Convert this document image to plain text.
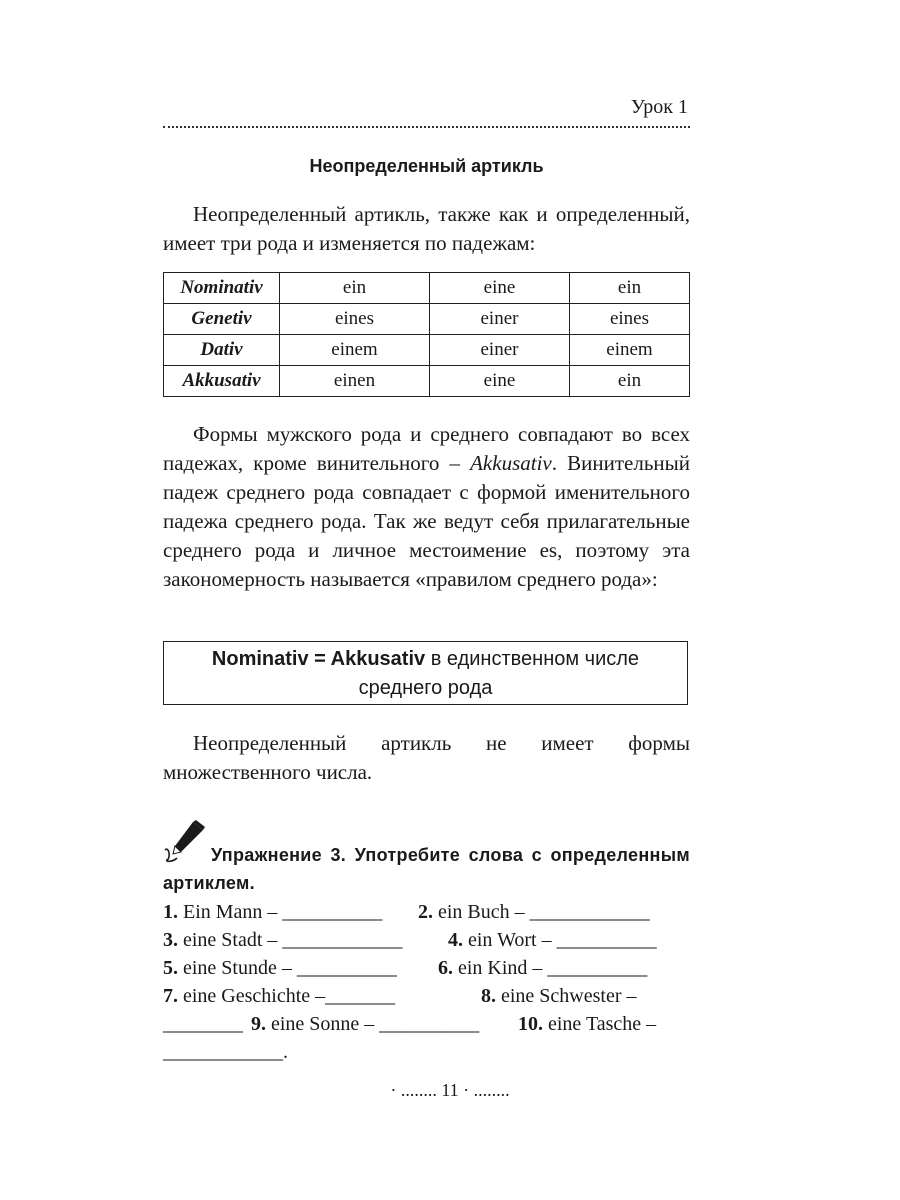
Урок 1
Неопределенный артикль

Неопределенный артикль, также как и определенный, имеет три рода и изменяется по падежам:

Nominativ	ein	eine	ein
Genetiv	eines	einer	eines
Dativ	einem	einer	einem
Akkusativ	einen	eine	ein

Формы мужского рода и среднего совпадают во всех падежах, кроме винительного – Akkusativ. Винительный падеж среднего рода совпадает с формой именительного падежа среднего рода. Так же ведут себя прилагательные среднего рода и личное местоимение es, поэтому эта закономерность называется «правилом среднего рода»:

Nominativ = Akkusativ в единственном числе
среднего рода

Неопределенный артикль не имеет формы множественного числа.

Упражнение 3. Употребите слова с определенным артиклем.

1. Ein Mann – __________ 2. ein Buch – ____________
3. eine Stadt – ____________ 4. ein Wort – __________
5. eine Stunde – __________ 6. ein Kind – __________
7. eine Geschichte –_______	8. eine Schwester –
________ 9. eine Sonne – __________ 10. eine Tasche –
____________.
· ........ 11 · ........
